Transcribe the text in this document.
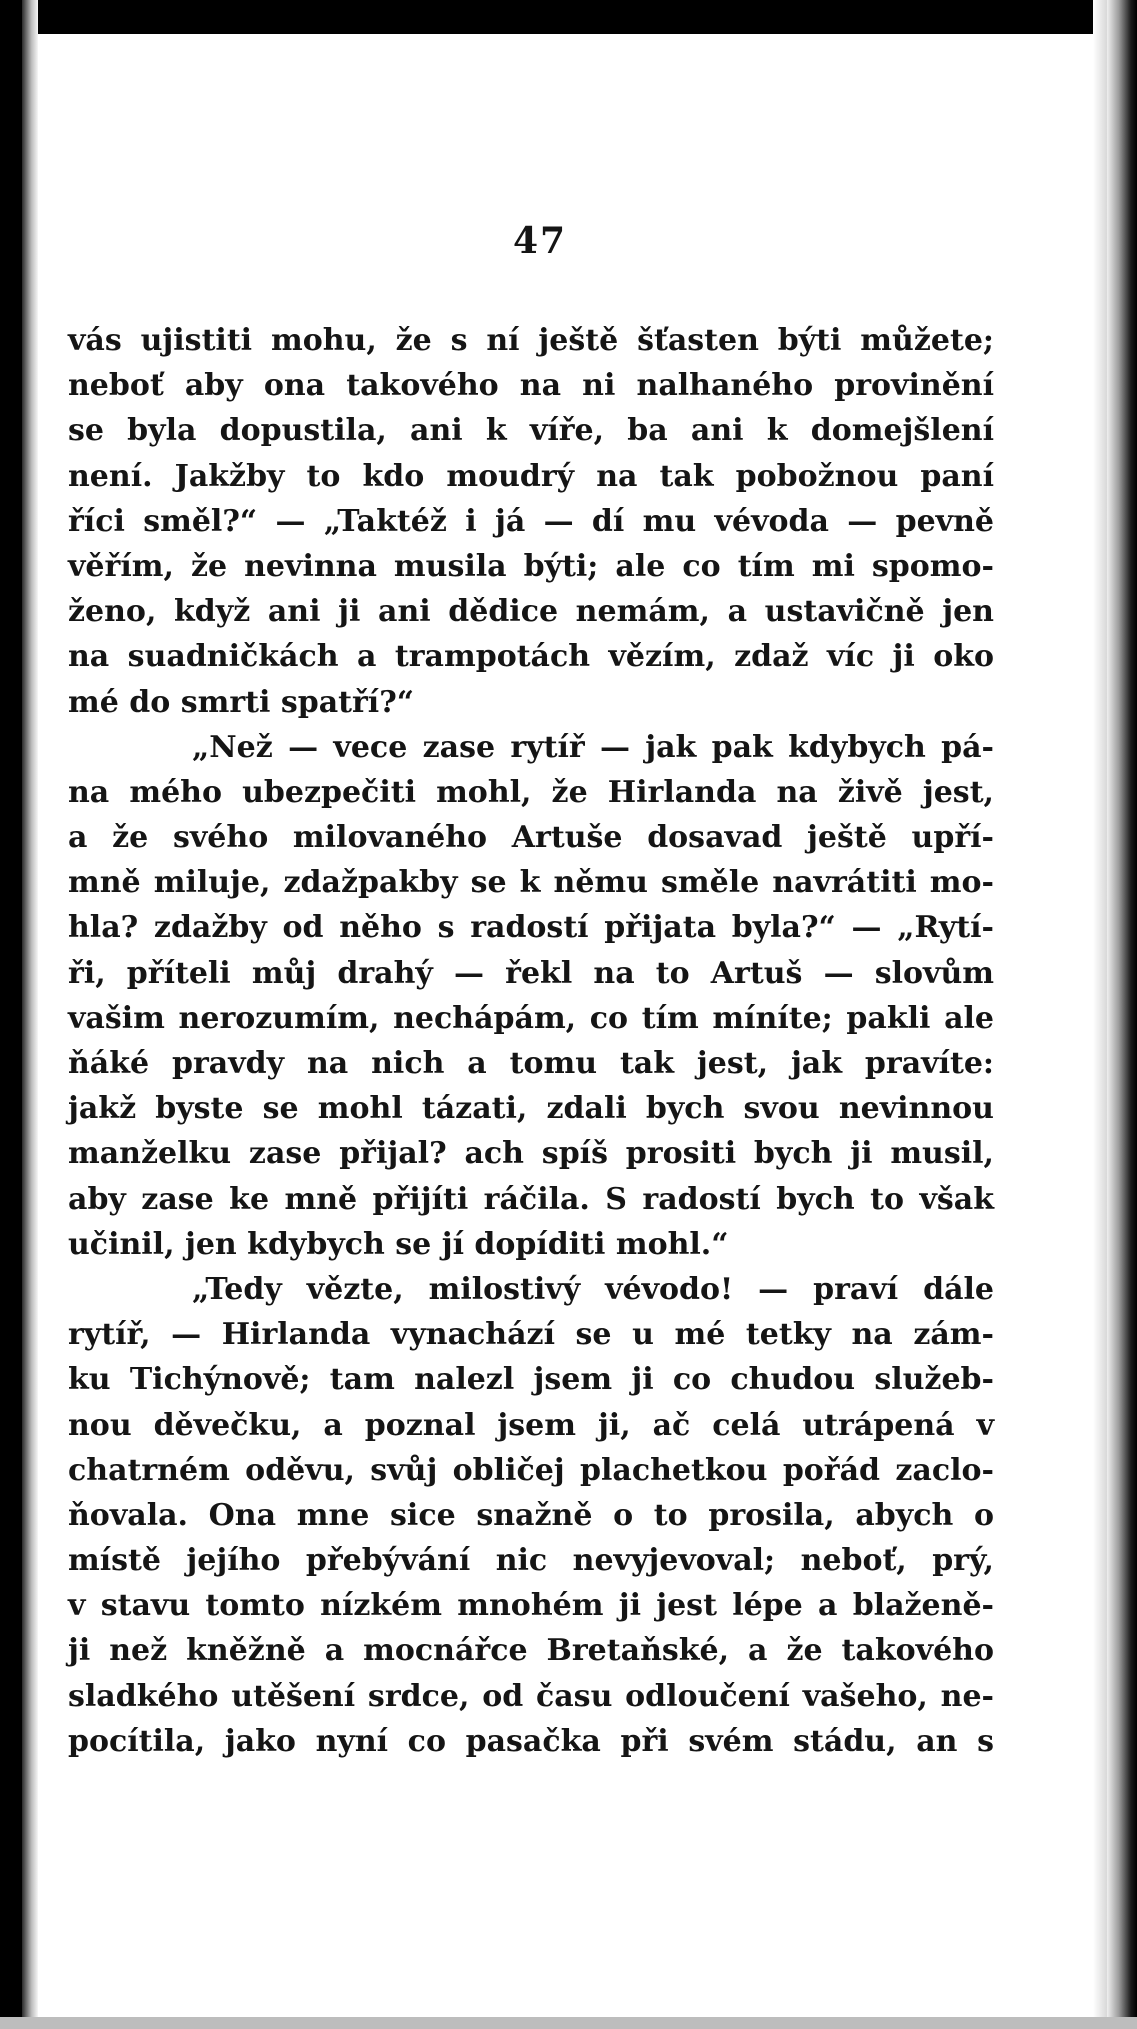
47
vás ujistiti mohu, že s ní ještě šťasten býti můžete;
neboť aby ona takového na ni nalhaného provinění
se byla dopustila, ani k víře, ba ani k domejšlení
není. Jakžby to kdo moudrý na tak pobožnou paní
říci směl?“ — „Taktéž i já — dí mu vévoda — pevně
věřím, že nevinna musila býti; ale co tím mi spomo-
ženo, když ani ji ani dědice nemám, a ustavičně jen
na suadničkách a trampotách vězím, zdaž víc ji oko
mé do smrti spatří?“
„Než — vece zase rytíř — jak pak kdybych pá-
na mého ubezpečiti mohl, že Hirlanda na živě jest,
a že svého milovaného Artuše dosavad ještě upří-
mně miluje, zdažpakby se k němu směle navrátiti mo-
hla? zdažby od něho s radostí přijata byla?“ — „Rytí-
ři, příteli můj drahý — řekl na to Artuš — slovům
vašim nerozumím, nechápám, co tím míníte; pakli ale
ňáké pravdy na nich a tomu tak jest, jak pravíte:
jakž byste se mohl tázati, zdali bych svou nevinnou
manželku zase přijal? ach spíš prositi bych ji musil,
aby zase ke mně přijíti ráčila. S radostí bych to však
učinil, jen kdybych se jí dopíditi mohl.“
„Tedy vězte, milostivý vévodo! — praví dále
rytíř, — Hirlanda vynachází se u mé tetky na zám-
ku Tichýnově; tam nalezl jsem ji co chudou služeb-
nou děvečku, a poznal jsem ji, ač celá utrápená v
chatrném oděvu, svůj obličej plachetkou pořád zaclo-
ňovala. Ona mne sice snažně o to prosila, abych o
místě jejího přebývání nic nevyjevoval; neboť, prý,
v stavu tomto nízkém mnohém ji jest lépe a blaženě-
ji než kněžně a mocnářce Bretaňské, a že takového
sladkého utěšení srdce, od času odloučení vašeho, ne-
pocítila, jako nyní co pasačka při svém stádu, an s
